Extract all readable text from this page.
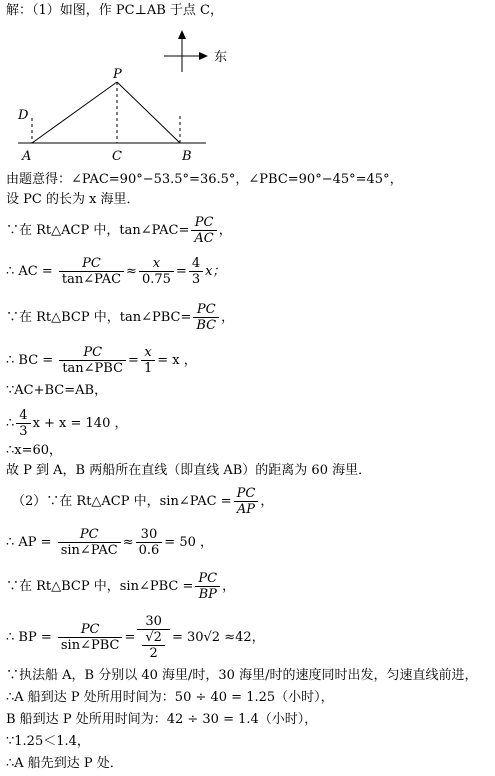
解：（1）如图，作 PC⊥AB 于点 C，
东
P
D
A	C	B
由题意得：∠PAC=90°−53.5°=36.5°，∠PBC=90°−45°=45°，
设 PC 的长为 x 海里．
∵在 Rt△ACP 中，tan∠PAC= $\frac{PC}{AC}$ ，
∴ AC = $\frac{PC}{\text{tan∠PAC}} \approx \frac{x}{0.75} = \frac{4}{3}$ x；
∵在 Rt△BCP 中，tan∠PBC= $\frac{PC}{BC}$ ，
∴ BC = $\frac{PC}{\text{tan∠PBC}} = \frac{x}{1} = x$ ，
∵AC+BC=AB，
∴ $\frac{4}{3}$ x + x = 140 ，
∴x=60，
故 P 到 A，B 两船所在直线（即直线 AB）的距离为 60 海里．
（2）∵在 Rt△ACP 中，sin∠PAC = $\frac{PC}{AP}$ ，
∴ AP = $\frac{PC}{\text{sin∠PAC}} \approx \frac{30}{0.6} = 50$ ，
∵在 Rt△BCP 中，sin∠PBC = $\frac{PC}{BP}$ ，
∴ BP = $\frac{PC}{\text{sin∠PBC}} = \frac{30}{\frac{√2}{2}} = 30√2 \approx 42$，
∵执法船 A，B 分别以 40 海里/时，30 海里/时的速度同时出发，匀速直线前进，
∴A 船到达 P 处所用时间为：50 ÷ 40 = 1.25（小时），
B 船到达 P 处所用时间为：42 ÷ 30 = 1.4（小时），
∵1.25＜1.4，
∴A 船先到达 P 处．
